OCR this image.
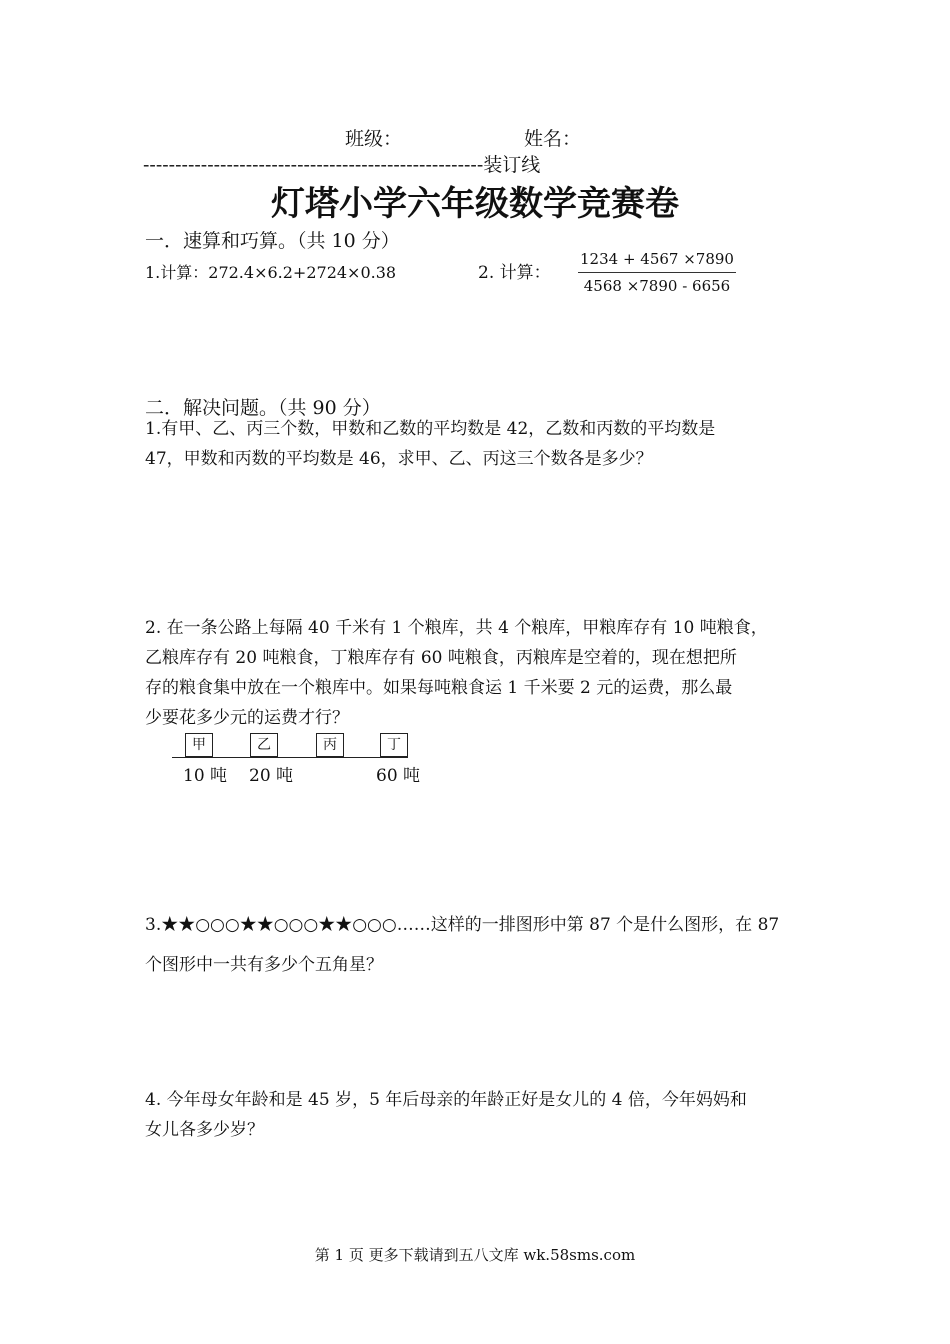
班级：	姓名：
-----------------------------------------------------装订线
灯塔小学六年级数学竞赛卷
一．速算和巧算。（共 10 分）
1.计算：272.4×6.2+2724×0.38	2. 计算： $\frac{1234 + 4567 \times 7890}{4568 \times 7890 - 6656}$
二．解决问题。（共 90 分）
1.有甲、乙、丙三个数，甲数和乙数的平均数是 42，乙数和丙数的平均数是
47，甲数和丙数的平均数是 46，求甲、乙、丙这三个数各是多少？
2. 在一条公路上每隔 40 千米有 1 个粮库，共 4 个粮库，甲粮库存有 10 吨粮食，
乙粮库存有 20 吨粮食，丁粮库存有 60 吨粮食，丙粮库是空着的，现在想把所
存的粮食集中放在一个粮库中。如果每吨粮食运 1 千米要 2 元的运费，那么最
少要花多少元的运费才行？
甲	乙	丙	丁
10 吨 20 吨	60 吨
3.★★○○○★★○○○★★○○○……这样的一排图形中第 87 个是什么图形，在 87
个图形中一共有多少个五角星？
4. 今年母女年龄和是 45 岁，5 年后母亲的年龄正好是女儿的 4 倍，今年妈妈和
女儿各多少岁？
第 1 页 更多下载请到五八文库 wk.58sms.com
